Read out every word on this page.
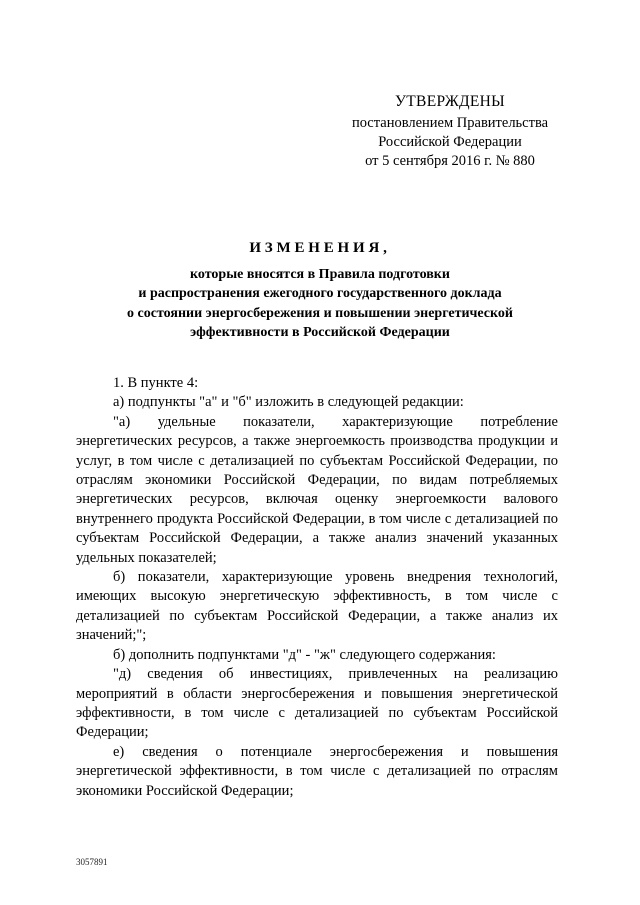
УТВЕРЖДЕНЫ
постановлением Правительства
Российской Федерации
от 5 сентября 2016 г. № 880
ИЗМЕНЕНИЯ,
которые вносятся в Правила подготовки
и распространения ежегодного государственного доклада
о состоянии энергосбережения и повышении энергетической
эффективности в Российской Федерации

1. В пункте 4:

а) подпункты "а" и "б" изложить в следующей редакции:

"а) удельные показатели, характеризующие потребление энергетических ресурсов, а также энергоемкость производства продукции и услуг, в том числе с детализацией по субъектам Российской Федерации, по отраслям экономики Российской Федерации, по видам потребляемых энергетических ресурсов, включая оценку энергоемкости валового внутреннего продукта Российской Федерации, в том числе с детализацией по субъектам Российской Федерации, а также анализ значений указанных удельных показателей;

б) показатели, характеризующие уровень внедрения технологий, имеющих высокую энергетическую эффективность, в том числе с детализацией по субъектам Российской Федерации, а также анализ их значений;";

б) дополнить подпунктами "д" - "ж" следующего содержания:

"д) сведения об инвестициях, привлеченных на реализацию мероприятий в области энергосбережения и повышения энергетической эффективности, в том числе с детализацией по субъектам Российской Федерации;

е) сведения о потенциале энергосбережения и повышения энергетической эффективности, в том числе с детализацией по отраслям экономики Российской Федерации;

3057891
